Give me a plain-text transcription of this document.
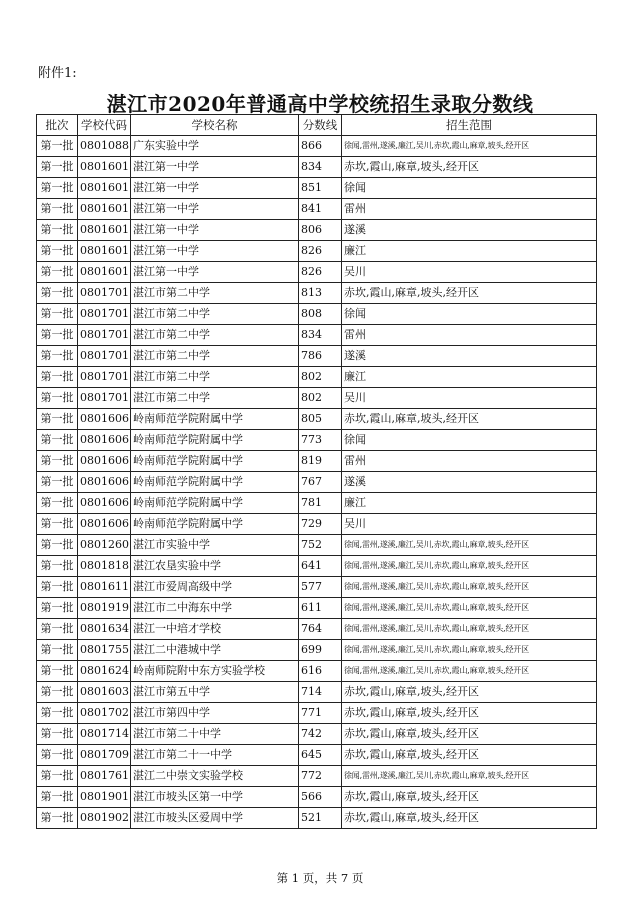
附件1:
湛江市2020年普通高中学校统招生录取分数线
批次	学校代码	学校名称	分数线	招生范围
第一批	0801088	广东实验中学	866	徐闻,雷州,遂溪,廉江,吴川,赤坎,霞山,麻章,坡头,经开区
第一批	0801601	湛江第一中学	834	赤坎,霞山,麻章,坡头,经开区
第一批	0801601	湛江第一中学	851	徐闻
第一批	0801601	湛江第一中学	841	雷州
第一批	0801601	湛江第一中学	806	遂溪
第一批	0801601	湛江第一中学	826	廉江
第一批	0801601	湛江第一中学	826	吴川
第一批	0801701	湛江市第二中学	813	赤坎,霞山,麻章,坡头,经开区
第一批	0801701	湛江市第二中学	808	徐闻
第一批	0801701	湛江市第二中学	834	雷州
第一批	0801701	湛江市第二中学	786	遂溪
第一批	0801701	湛江市第二中学	802	廉江
第一批	0801701	湛江市第二中学	802	吴川
第一批	0801606	岭南师范学院附属中学	805	赤坎,霞山,麻章,坡头,经开区
第一批	0801606	岭南师范学院附属中学	773	徐闻
第一批	0801606	岭南师范学院附属中学	819	雷州
第一批	0801606	岭南师范学院附属中学	767	遂溪
第一批	0801606	岭南师范学院附属中学	781	廉江
第一批	0801606	岭南师范学院附属中学	729	吴川
第一批	0801260	湛江市实验中学	752	徐闻,雷州,遂溪,廉江,吴川,赤坎,霞山,麻章,坡头,经开区
第一批	0801818	湛江农垦实验中学	641	徐闻,雷州,遂溪,廉江,吴川,赤坎,霞山,麻章,坡头,经开区
第一批	0801611	湛江市爱周高级中学	577	徐闻,雷州,遂溪,廉江,吴川,赤坎,霞山,麻章,坡头,经开区
第一批	0801919	湛江市二中海东中学	611	徐闻,雷州,遂溪,廉江,吴川,赤坎,霞山,麻章,坡头,经开区
第一批	0801634	湛江一中培才学校	764	徐闻,雷州,遂溪,廉江,吴川,赤坎,霞山,麻章,坡头,经开区
第一批	0801755	湛江二中港城中学	699	徐闻,雷州,遂溪,廉江,吴川,赤坎,霞山,麻章,坡头,经开区
第一批	0801624	岭南师院附中东方实验学校	616	徐闻,雷州,遂溪,廉江,吴川,赤坎,霞山,麻章,坡头,经开区
第一批	0801603	湛江市第五中学	714	赤坎,霞山,麻章,坡头,经开区
第一批	0801702	湛江市第四中学	771	赤坎,霞山,麻章,坡头,经开区
第一批	0801714	湛江市第二十中学	742	赤坎,霞山,麻章,坡头,经开区
第一批	0801709	湛江市第二十一中学	645	赤坎,霞山,麻章,坡头,经开区
第一批	0801761	湛江二中崇文实验学校	772	徐闻,雷州,遂溪,廉江,吴川,赤坎,霞山,麻章,坡头,经开区
第一批	0801901	湛江市坡头区第一中学	566	赤坎,霞山,麻章,坡头,经开区
第一批	0801902	湛江市坡头区爱周中学	521	赤坎,霞山,麻章,坡头,经开区
第 1 页，共 7 页
